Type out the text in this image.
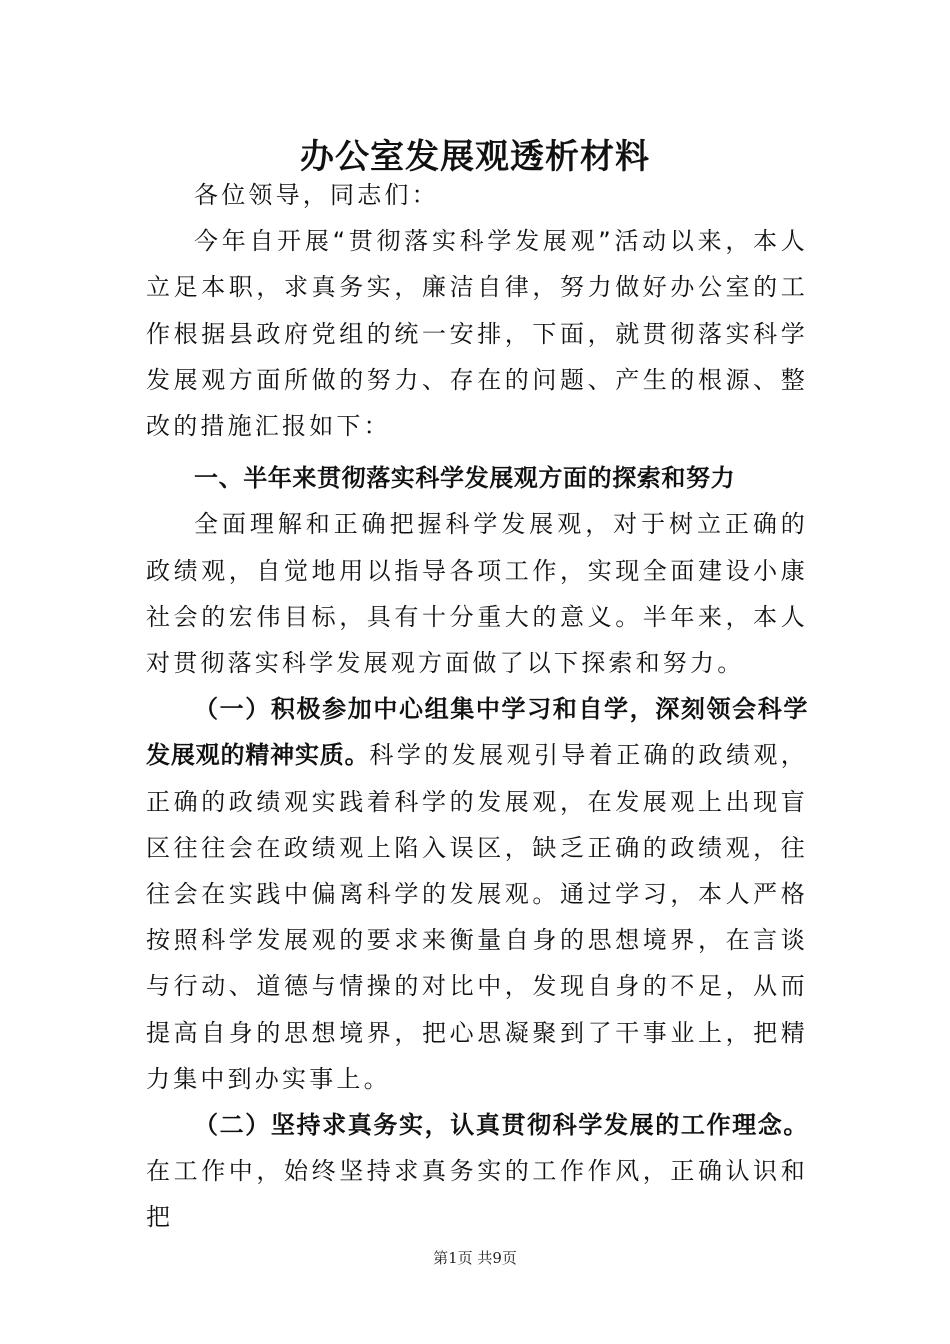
办公室发展观透析材料

各位领导，同志们：

今年自开展“贯彻落实科学发展观”活动以来，本人立足本职，求真务实，廉洁自律，努力做好办公室的工作根据县政府党组的统一安排，下面，就贯彻落实科学发展观方面所做的努力、存在的问题、产生的根源、整改的措施汇报如下：

一、半年来贯彻落实科学发展观方面的探索和努力

全面理解和正确把握科学发展观，对于树立正确的政绩观，自觉地用以指导各项工作，实现全面建设小康社会的宏伟目标，具有十分重大的意义。半年来，本人对贯彻落实科学发展观方面做了以下探索和努力。

（一）积极参加中心组集中学习和自学，深刻领会科学发展观的精神实质。科学的发展观引导着正确的政绩观，正确的政绩观实践着科学的发展观，在发展观上出现盲区往往会在政绩观上陷入误区，缺乏正确的政绩观，往往会在实践中偏离科学的发展观。通过学习，本人严格按照科学发展观的要求来衡量自身的思想境界，在言谈与行动、道德与情操的对比中，发现自身的不足，从而提高自身的思想境界，把心思凝聚到了干事业上，把精力集中到办实事上。

（二）坚持求真务实，认真贯彻科学发展的工作理念。在工作中，始终坚持求真务实的工作作风，正确认识和把

第1页 共9页
